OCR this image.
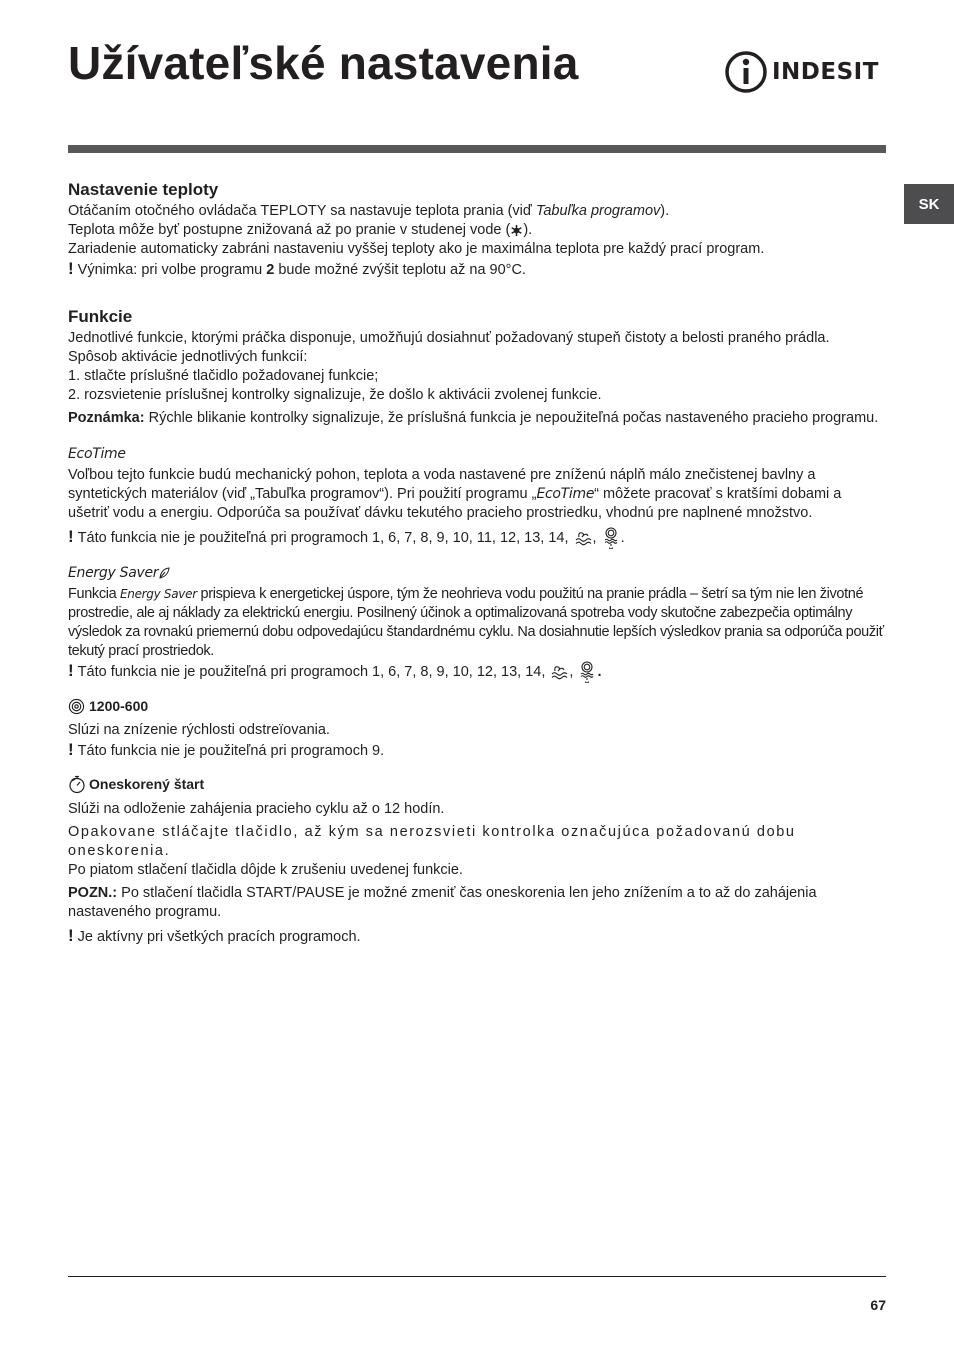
Užívateľské nastavenia	INDESIT
SK
Nastavenie teploty

Otáčaním otočného ovládača TEPLOTY sa nastavuje teplota prania (viď Tabuľka programov).

Teplota môže byť postupne znižovaná až po pranie v studenej vode ( ).

Zariadenie automaticky zabráni nastaveniu vyššej teploty ako je maximálna teplota pre každý prací program.

! Výnimka: pri volbe programu 2 bude možné zvýšit teplotu až na 90°C.

Funkcie

Jednotlivé funkcie, ktorými práčka disponuje, umožňujú dosiahnuť požadovaný stupeň čistoty a belosti praného prádla.

Spôsob aktivácie jednotlivých funkcií:

1. stlačte príslušné tlačidlo požadovanej funkcie;

2. rozsvietenie príslušnej kontrolky signalizuje, že došlo k aktivácii zvolenej funkcie.

Poznámka: Rýchle blikanie kontrolky signalizuje, že príslušná funkcia je nepoužiteľná počas nastaveného pracieho programu.

EcoTime

Voľbou tejto funkcie budú mechanický pohon, teplota a voda nastavené pre zníženú náplň málo znečistenej bavlny a syntetických materiálov (viď „Tabuľka programov“). Pri použití programu „EcoTime“ môžete pracovať s kratšími dobami a ušetriť vodu a energiu. Odporúča sa používať dávku tekutého pracieho prostriedku, vhodnú pre naplnené množstvo.

! Táto funkcia nie je použiteľná pri programoch 1, 6, 7, 8, 9, 10, 11, 12, 13, 14, , .

Energy Saver

Funkcia Energy Saver prispieva k energetickej úspore, tým že neohrieva vodu použitú na pranie prádla – šetrí sa tým nie len životné prostredie, ale aj náklady za elektrickú energiu. Posilnený účinok a optimalizovaná spotreba vody skutočne zabezpečia optimálny výsledok za rovnakú priemernú dobu odpovedajúcu štandardnému cyklu. Na dosiahnutie lepších výsledkov prania sa odporúča použiť tekutý prací prostriedok.

! Táto funkcia nie je použiteľná pri programoch 1, 6, 7, 8, 9, 10, 12, 13, 14, , .

1200-600

Slúzi na znízenie rýchlosti odstreïovania.

! Táto funkcia nie je použiteľná pri programoch 9.

Oneskorený štart

Slúži na odloženie zahájenia pracieho cyklu až o 12 hodín.

Opakovane stláčajte tlačidlo, až kým sa nerozsvieti kontrolka označujúca požadovanú dobu oneskorenia.

Po piatom stlačení tlačidla dôjde k zrušeniu uvedenej funkcie.

POZN.: Po stlačení tlačidla START/PAUSE je možné zmeniť čas oneskorenia len jeho znížením a to až do zahájenia nastaveného programu.

! Je aktívny pri všetkých pracích programoch.

67
